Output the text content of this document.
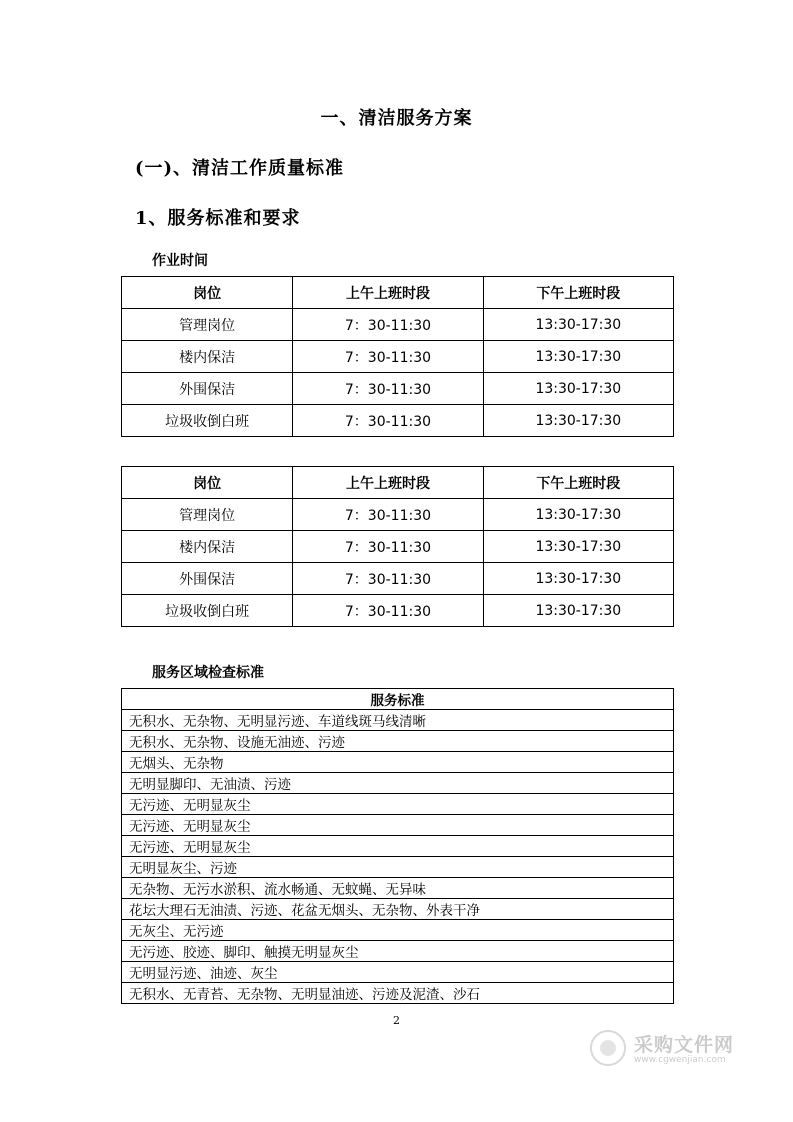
一、清洁服务方案
(一)、清洁工作质量标准
1、服务标准和要求
作业时间
岗位	上午上班时段	下午上班时段
管理岗位	7：30-11:30	13:30-17:30
楼内保洁	7：30-11:30	13:30-17:30
外围保洁	7：30-11:30	13:30-17:30
垃圾收倒白班	7：30-11:30	13:30-17:30
岗位	上午上班时段	下午上班时段
管理岗位	7：30-11:30	13:30-17:30
楼内保洁	7：30-11:30	13:30-17:30
外围保洁	7：30-11:30	13:30-17:30
垃圾收倒白班	7：30-11:30	13:30-17:30
服务区域检查标准
服务标准
无积水、无杂物、无明显污迹、车道线斑马线清晰
无积水、无杂物、设施无油迹、污迹
无烟头、无杂物
无明显脚印、无油渍、污迹
无污迹、无明显灰尘
无污迹、无明显灰尘
无污迹、无明显灰尘
无明显灰尘、污迹
无杂物、无污水淤积、流水畅通、无蚊蝇、无异味
花坛大理石无油渍、污迹、花盆无烟头、无杂物、外表干净
无灰尘、无污迹
无污迹、胶迹、脚印、触摸无明显灰尘
无明显污迹、油迹、灰尘
无积水、无青苔、无杂物、无明显油迹、污迹及泥渣、沙石
2
采购文件网
www.cgwenjian.com
